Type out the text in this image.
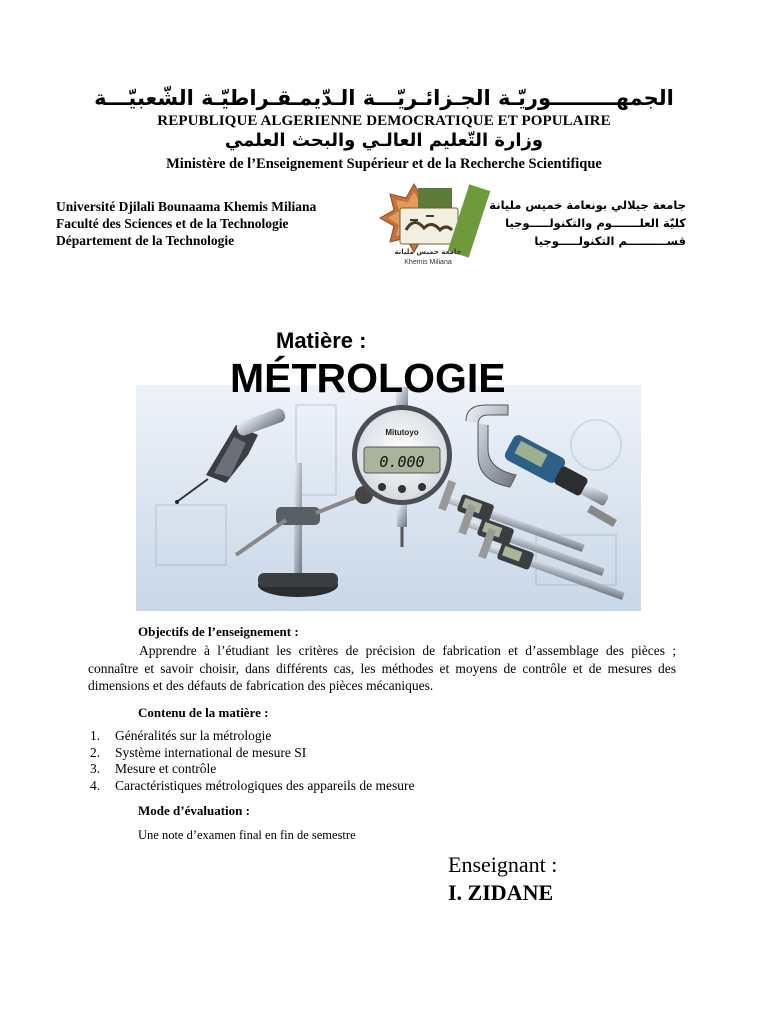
الجمهـــــــــوريّـة الجـزائـريّـــة الـدّيمـقـراطيّـة الشّعبيّـــة
REPUBLIQUE ALGERIENNE DEMOCRATIQUE ET POPULAIRE
وزارة التّعليم العالـي والبحث العلمي
Ministère de l’Enseignement Supérieur et de la Recherche Scientifique
Université Djilali Bounaama Khemis Miliana
Faculté des Sciences et de la Technologie
Département de la Technologie
جامعة جيلالي بونعامة خميس مليانة
كليّة العلـــــــوم والتكنولـــــوجيا
قســــــــــم التكنولـــــوجيا
جامعة خميس مليانة
Khemis Miliana
Matière :
MÉTROLOGIE
0.000
Mitutoyo
Objectifs de l’enseignement :
Apprendre à l’étudiant les critères de précision de fabrication et d’assemblage des pièces ; connaître et savoir choisir, dans différents cas, les méthodes et moyens de contrôle et de mesures des dimensions et des défauts de fabrication des pièces mécaniques.
Contenu de la matière :
1.	Généralités sur la métrologie
2.	Système international de mesure SI
3.	Mesure et contrôle
4.	Caractéristiques métrologiques des appareils de mesure
Mode d’évaluation :
Une note d’examen final en fin de semestre
Enseignant :
I. ZIDANE
